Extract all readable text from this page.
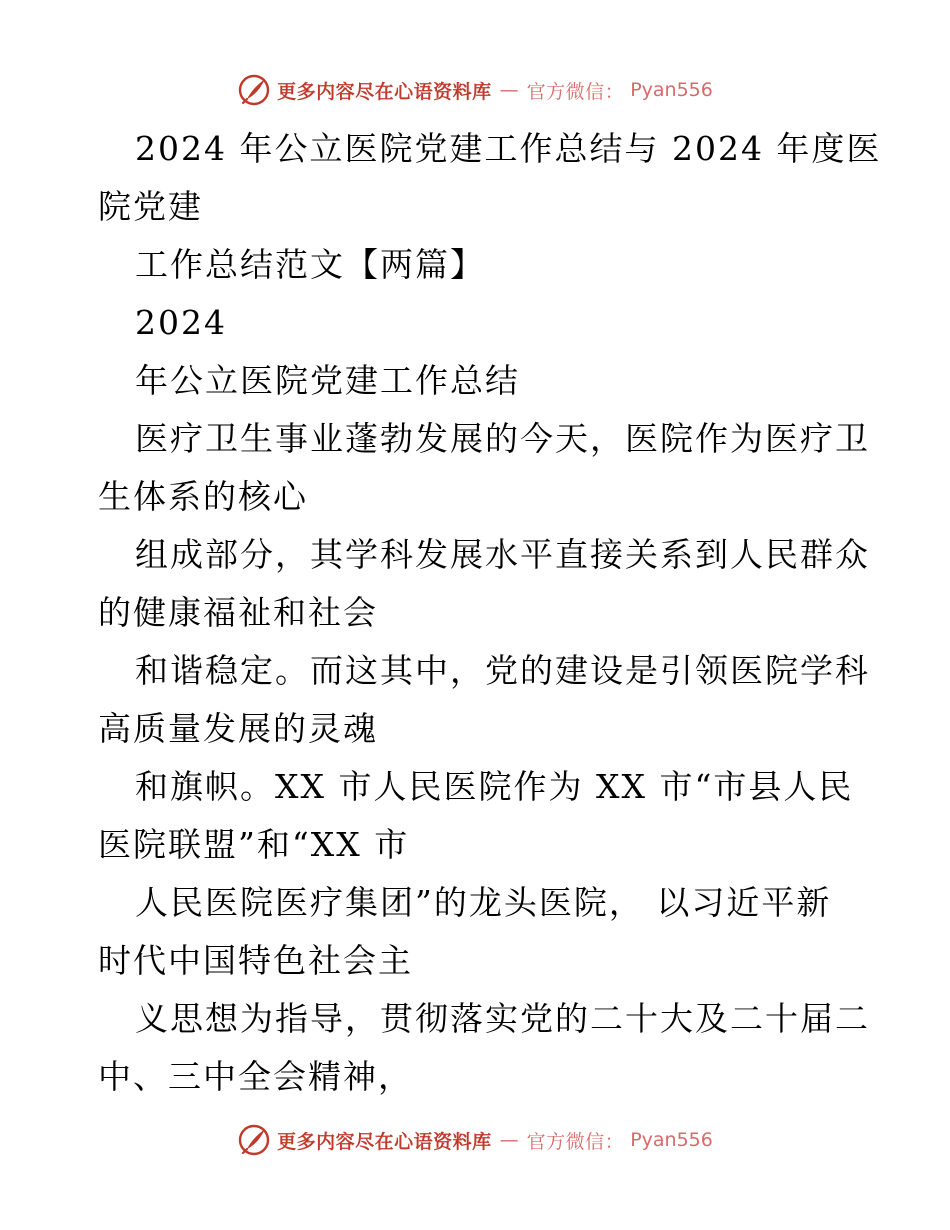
更多内容尽在心语资料库 — 官方微信： Pyan556
2024 年公立医院党建工作总结与 2024 年度医
院党建
工作总结范文【两篇】
2024
年公立医院党建工作总结
医疗卫生事业蓬勃发展的今天，医院作为医疗卫
生体系的核心
组成部分，其学科发展水平直接关系到人民群众
的健康福祉和社会
和谐稳定。而这其中，党的建设是引领医院学科
高质量发展的灵魂
和旗帜。XX 市人民医院作为 XX 市“市县人民
医院联盟”和“XX 市
人民医院医疗集团”的龙头医院， 以习近平新
时代中国特色社会主
义思想为指导，贯彻落实党的二十大及二十届二
中、三中全会精神，
更多内容尽在心语资料库 — 官方微信： Pyan556
